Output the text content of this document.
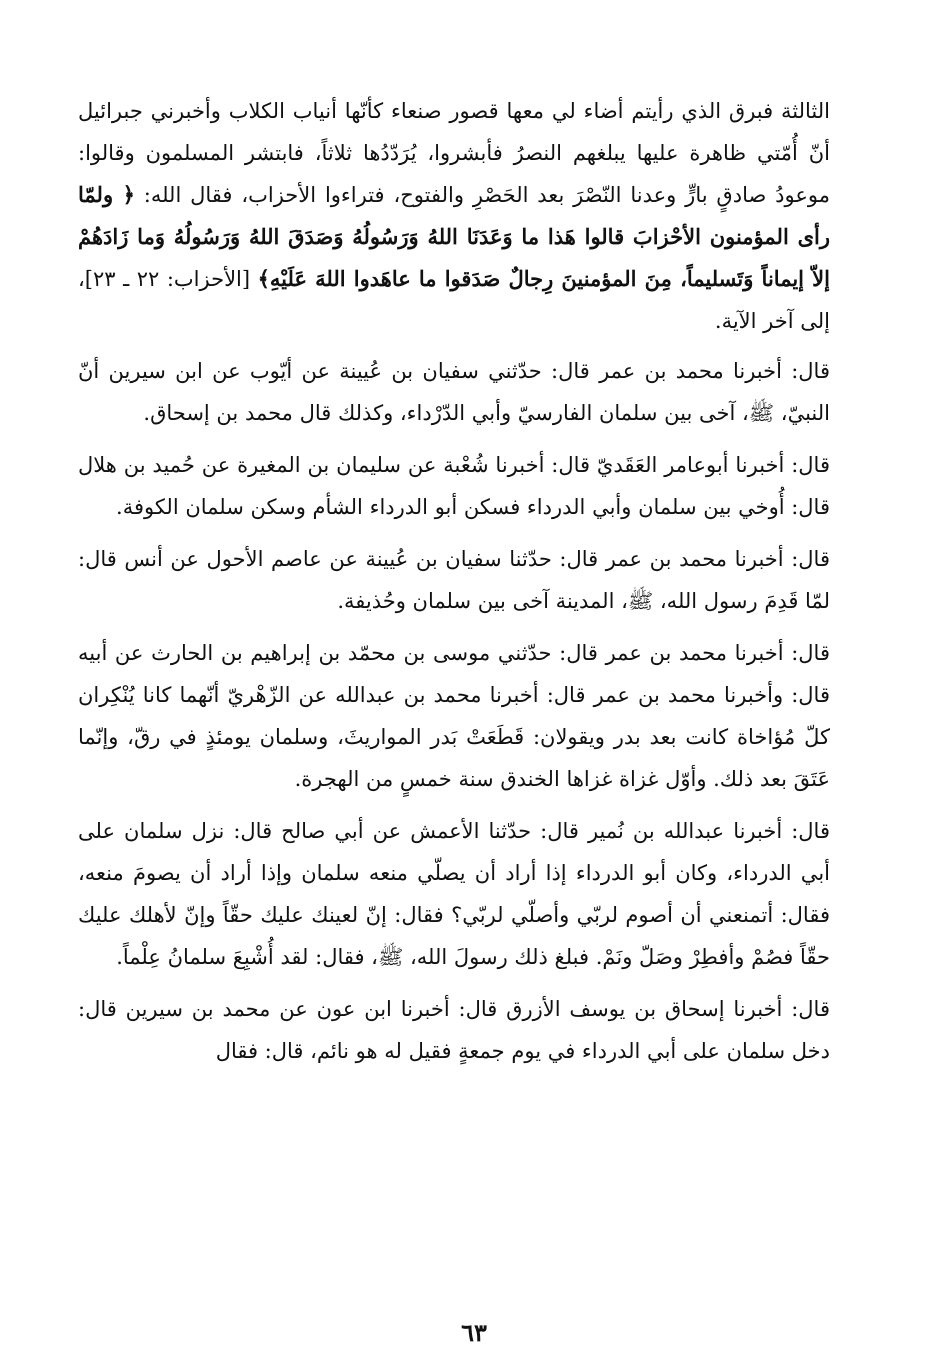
الثالثة فبرق الذي رأيتم أضاء لي معها قصور صنعاء كأنّها أنياب الكلاب وأخبرني جبرائيل أنّ أُمّتي ظاهرة عليها يبلغهم النصرُ فأبشروا، يُرَدّدُها ثلاثاً، فابتشر المسلمون وقالوا: موعودُ صادقٍ بارٍّ وعدنا النّصْرَ بعد الحَصْرِ والفتوح، فتراءوا الأحزاب، فقال الله: ﴿ ولمّا رأى المؤمنون الأحْزابَ قالوا هَذا ما وَعَدَنَا اللهُ وَرَسُولُهُ وَصَدَقَ اللهُ وَرَسُولُهُ وَما زَادَهُمْ إلاّ إيماناً وَتَسليماً، مِنَ المؤمنينَ رِجالٌ صَدَقوا ما عاهَدوا اللهَ عَلَيْهِ﴾ [الأحزاب: ٢٢ ـ ٢٣]، إلى آخر الآية.

قال: أخبرنا محمد بن عمر قال: حدّثني سفيان بن عُيينة عن أيّوب عن ابن سيرين أنّ النبيّ، ﷺ، آخى بين سلمان الفارسيّ وأبي الدّرْداء، وكذلك قال محمد بن إسحاق.

قال: أخبرنا أبوعامر العَقَديّ قال: أخبرنا شُعْبة عن سليمان بن المغيرة عن حُميد بن هلال قال: أُوخي بين سلمان وأبي الدرداء فسكن أبو الدرداء الشأم وسكن سلمان الكوفة.

قال: أخبرنا محمد بن عمر قال: حدّثنا سفيان بن عُيينة عن عاصم الأحول عن أنس قال: لمّا قَدِمَ رسول الله، ﷺ، المدينة آخى بين سلمان وحُذيفة.

قال: أخبرنا محمد بن عمر قال: حدّثني موسى بن محمّد بن إبراهيم بن الحارث عن أبيه قال: وأخبرنا محمد بن عمر قال: أخبرنا محمد بن عبدالله عن الزّهْريّ أنّهما كانا يُنْكِران كلّ مُؤاخاة كانت بعد بدر ويقولان: قَطَعَتْ بَدر المواريثَ، وسلمان يومئذٍ في رقّ، وإنّما عَتَقَ بعد ذلك. وأوّل غزاة غزاها الخندق سنة خمسٍ من الهجرة.

قال: أخبرنا عبدالله بن نُمير قال: حدّثنا الأعمش عن أبي صالح قال: نزل سلمان على أبي الدرداء، وكان أبو الدرداء إذا أراد أن يصلّي منعه سلمان وإذا أراد أن يصومَ منعه، فقال: أتمنعني أن أصوم لربّي وأصلّي لربّي؟ فقال: إنّ لعينك عليك حقّاً وإنّ لأهلك عليك حقّاً فصُمْ وأفطِرْ وصَلّ ونَمْ. فبلغ ذلك رسولَ الله، ﷺ، فقال: لقد أُشْبِعَ سلمانُ عِلْماً.

قال: أخبرنا إسحاق بن يوسف الأزرق قال: أخبرنا ابن عون عن محمد بن سيرين قال: دخل سلمان على أبي الدرداء في يوم جمعةٍ فقيل له هو نائم، قال: فقال

٦٣
